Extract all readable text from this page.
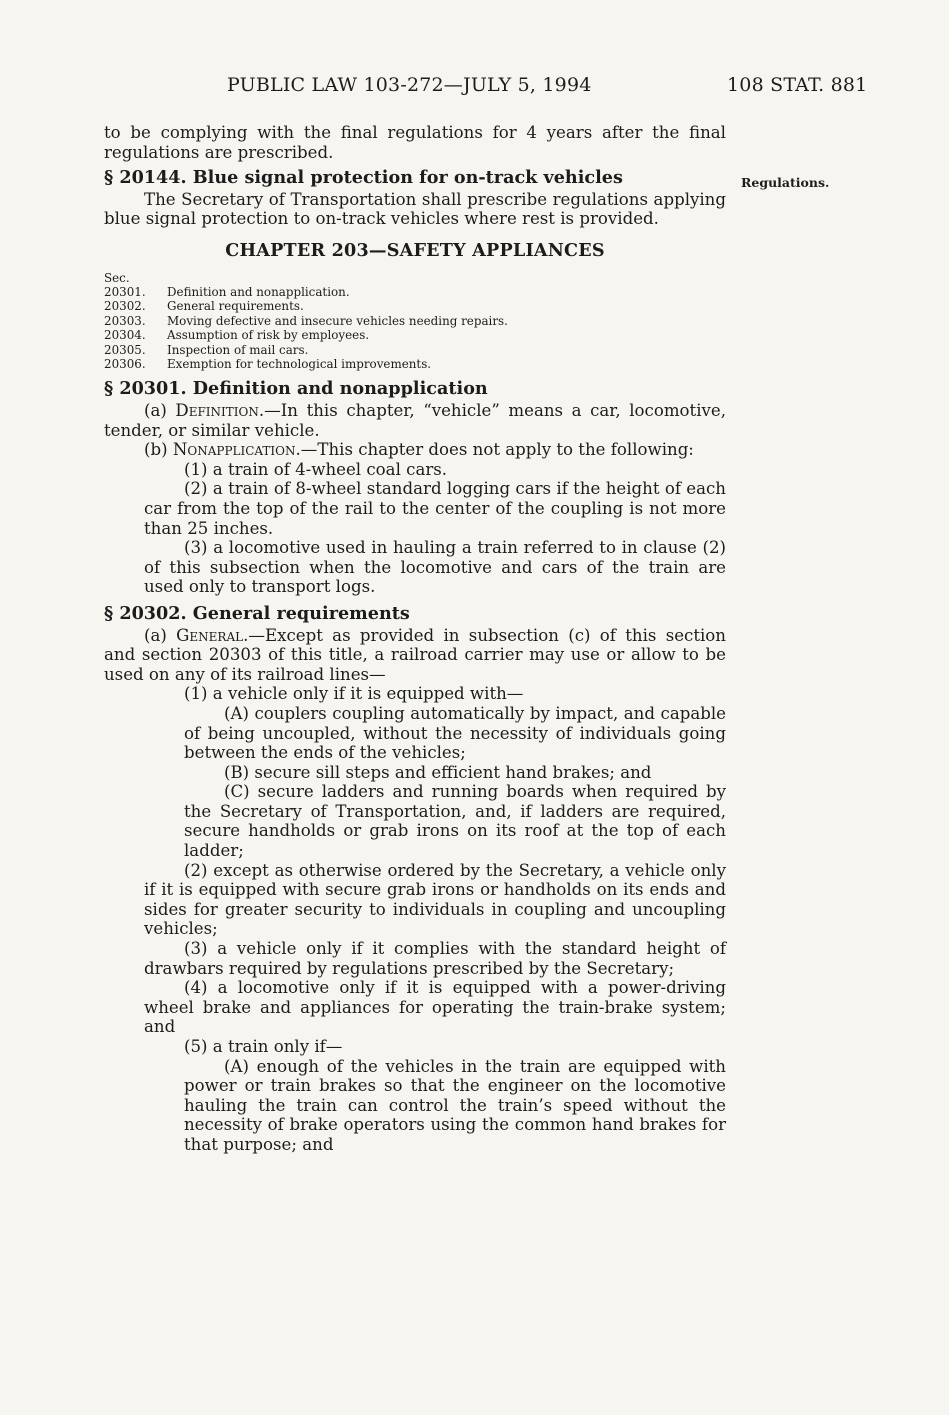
PUBLIC LAW 103-272—JULY 5, 1994	108 STAT. 881
Regulations.

to be complying with the final regulations for 4 years after the final regulations are prescribed.

§ 20144. Blue signal protection for on-track vehicles

The Secretary of Transportation shall prescribe regulations applying blue signal protection to on-track vehicles where rest is provided.

CHAPTER 203—SAFETY APPLIANCES
Sec.
20301.	Definition and nonapplication.
20302.	General requirements.
20303.	Moving defective and insecure vehicles needing repairs.
20304.	Assumption of risk by employees.
20305.	Inspection of mail cars.
20306.	Exemption for technological improvements.
§ 20301. Definition and nonapplication

(a) Definition.—In this chapter, “vehicle” means a car, locomotive, tender, or similar vehicle.

(b) Nonapplication.—This chapter does not apply to the following:

(1) a train of 4-wheel coal cars.

(2) a train of 8-wheel standard logging cars if the height of each car from the top of the rail to the center of the coupling is not more than 25 inches.

(3) a locomotive used in hauling a train referred to in clause (2) of this subsection when the locomotive and cars of the train are used only to transport logs.

§ 20302. General requirements

(a) General.—Except as provided in subsection (c) of this section and section 20303 of this title, a railroad carrier may use or allow to be used on any of its railroad lines—

(1) a vehicle only if it is equipped with—

(A) couplers coupling automatically by impact, and capable of being uncoupled, without the necessity of individuals going between the ends of the vehicles;

(B) secure sill steps and efficient hand brakes; and

(C) secure ladders and running boards when required by the Secretary of Transportation, and, if ladders are required, secure handholds or grab irons on its roof at the top of each ladder;

(2) except as otherwise ordered by the Secretary, a vehicle only if it is equipped with secure grab irons or handholds on its ends and sides for greater security to individuals in coupling and uncoupling vehicles;

(3) a vehicle only if it complies with the standard height of drawbars required by regulations prescribed by the Secretary;

(4) a locomotive only if it is equipped with a power-driving wheel brake and appliances for operating the train-brake system; and

(5) a train only if—

(A) enough of the vehicles in the train are equipped with power or train brakes so that the engineer on the locomotive hauling the train can control the train’s speed without the necessity of brake operators using the common hand brakes for that purpose; and
